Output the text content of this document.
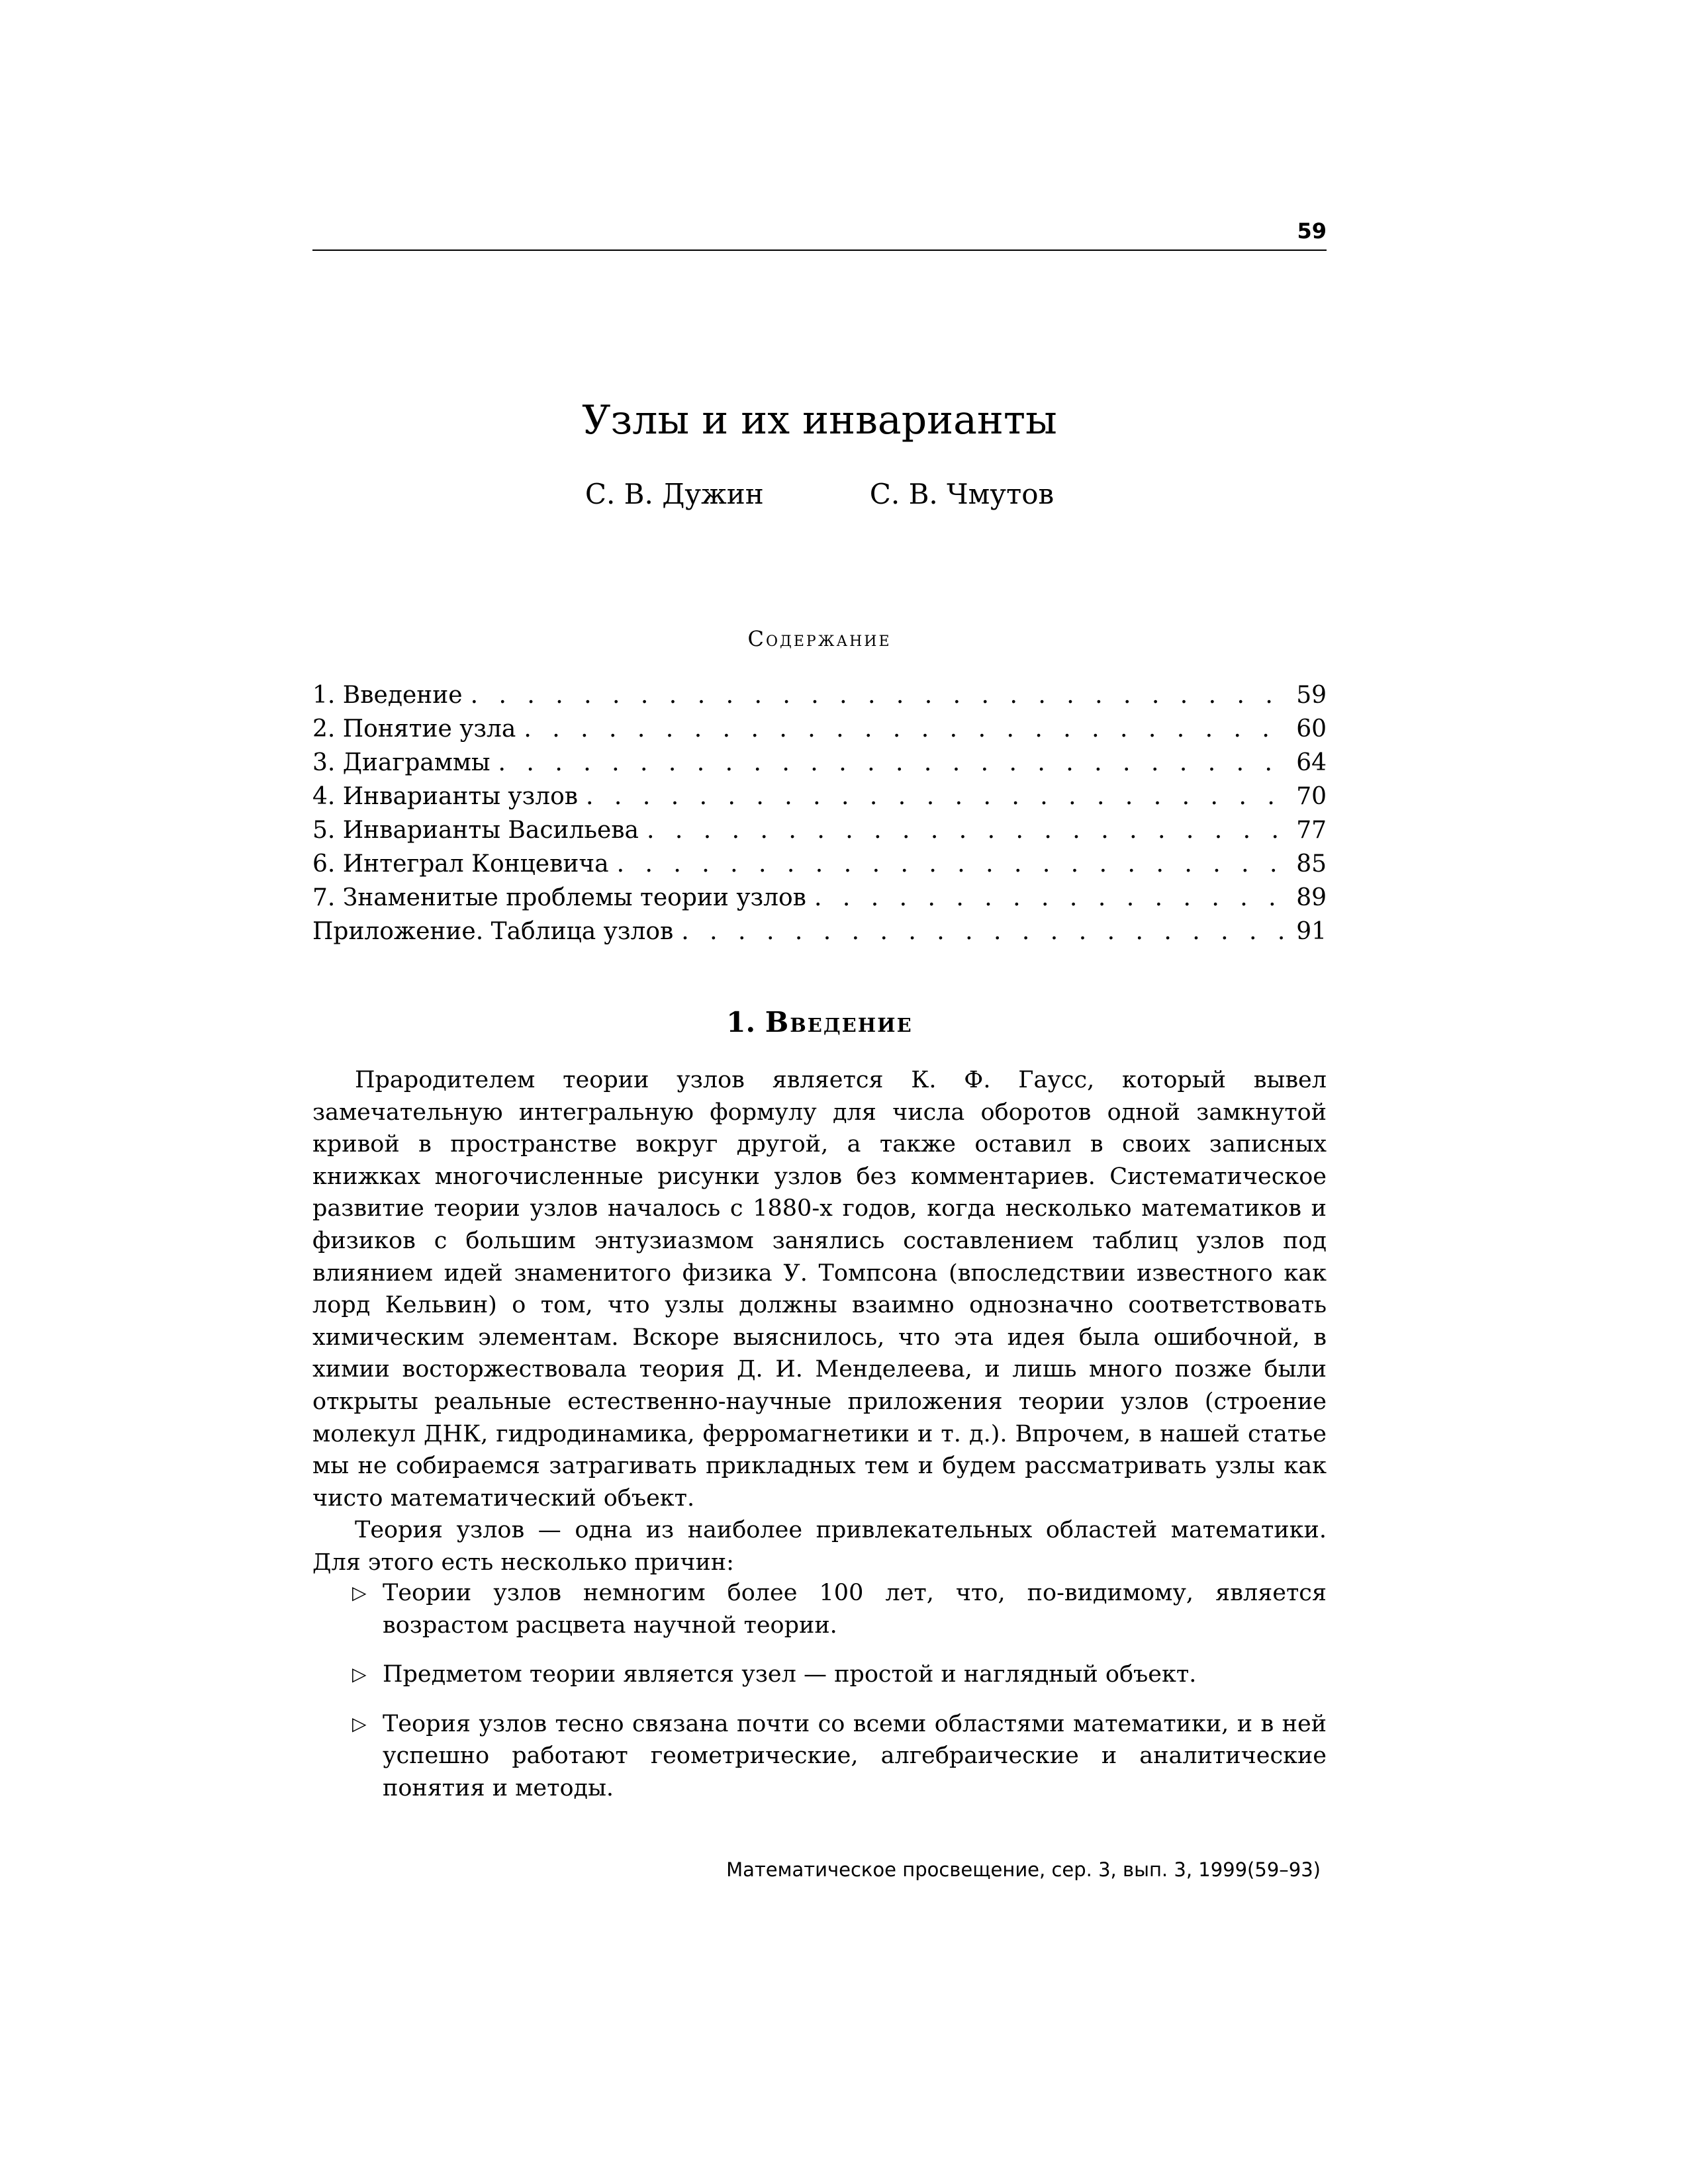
59
Узлы и их инварианты
С. В. Дужин	С. В. Чмутов
Содержание
1. Введение . . .	59
2. Понятие узла . . .	60
3. Диаграммы . . .	64
4. Инварианты узлов . . .	70
5. Инварианты Васильева . . .	77
6. Интеграл Концевича . . .	85
7. Знаменитые проблемы теории узлов . . .	89
Приложение. Таблица узлов . . .	91
1. Введение

Прародителем теории узлов является К. Ф. Гаусс, который вывел замечательную интегральную формулу для числа оборотов одной замкнутой кривой в пространстве вокруг другой, а также оставил в своих записных книжках многочисленные рисунки узлов без комментариев. Систематическое развитие теории узлов началось с 1880-х годов, когда несколько математиков и физиков с большим энтузиазмом занялись составлением таблиц узлов под влиянием идей знаменитого физика У. Томпсона (впоследствии известного как лорд Кельвин) о том, что узлы должны взаимно однозначно соответствовать химическим элементам. Вскоре выяснилось, что эта идея была ошибочной, в химии восторжествовала теория Д. И. Менделеева, и лишь много позже были открыты реальные естественно-научные приложения теории узлов (строение молекул ДНК, гидродинамика, ферромагнетики и т. д.). Впрочем, в нашей статье мы не собираемся затрагивать прикладных тем и будем рассматривать узлы как чисто математический объект.

Теория узлов — одна из наиболее привлекательных областей математики. Для этого есть несколько причин:

▷ Теории узлов немногим более 100 лет, что, по-видимому, является возрастом расцвета научной теории.
▷ Предметом теории является узел — простой и наглядный объект.
▷ Теория узлов тесно связана почти со всеми областями математики, и в ней успешно работают геометрические, алгебраические и аналитические понятия и методы.
Математическое просвещение, сер. 3, вып. 3, 1999(59–93)
